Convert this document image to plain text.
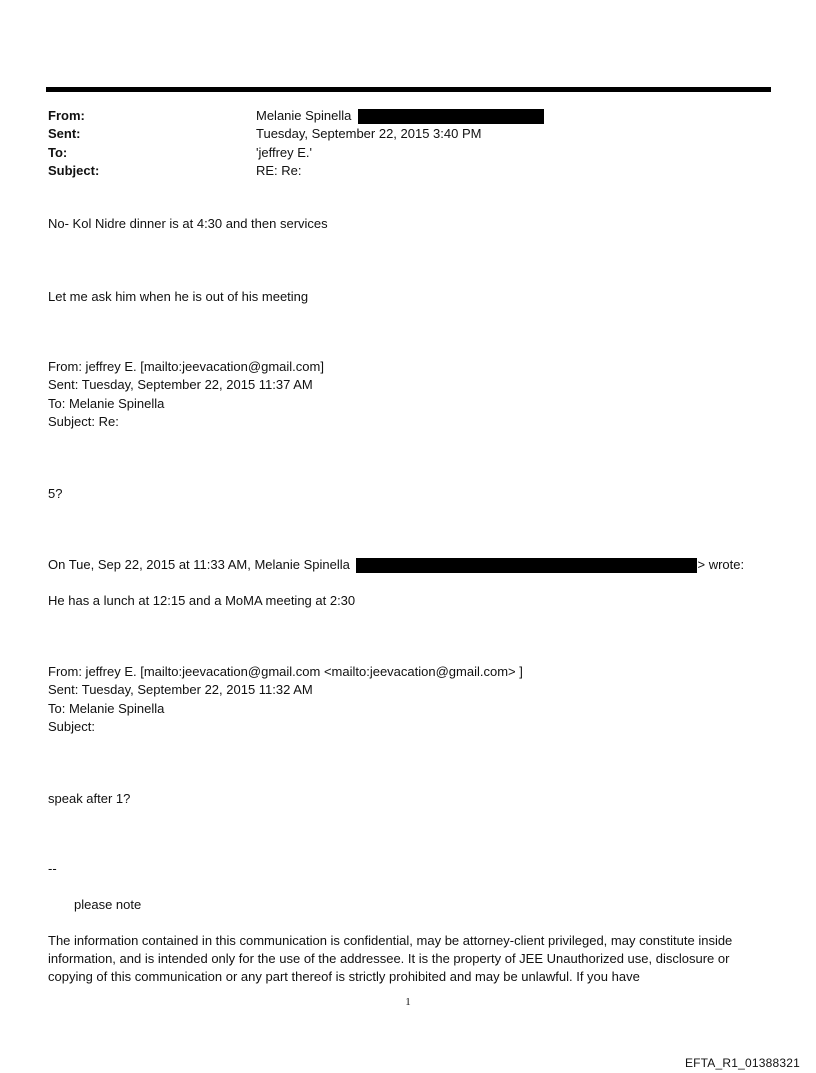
From:	Melanie Spinella
Sent:	Tuesday, September 22, 2015 3:40 PM
To:	'jeffrey E.'
Subject:	RE: Re:
No- Kol Nidre dinner is at 4:30 and then services
Let me ask him when he is out of his meeting
From: jeffrey E. [mailto:jeevacation@gmail.com]
Sent: Tuesday, September 22, 2015 11:37 AM
To: Melanie Spinella
Subject: Re:
5?
On Tue, Sep 22, 2015 at 11:33 AM, Melanie Spinella	> wrote:
He has a lunch at 12:15 and a MoMA meeting at 2:30
From: jeffrey E. [mailto:jeevacation@gmail.com <mailto:jeevacation@gmail.com> ]
Sent: Tuesday, September 22, 2015 11:32 AM
To: Melanie Spinella
Subject:
speak after 1?
--
please note
The information contained in this communication is confidential, may be attorney-client privileged, may constitute inside information, and is intended only for the use of the addressee. It is the property of JEE Unauthorized use, disclosure or copying of this communication or any part thereof is strictly prohibited and may be unlawful. If you have
1
EFTA_R1_01388321
